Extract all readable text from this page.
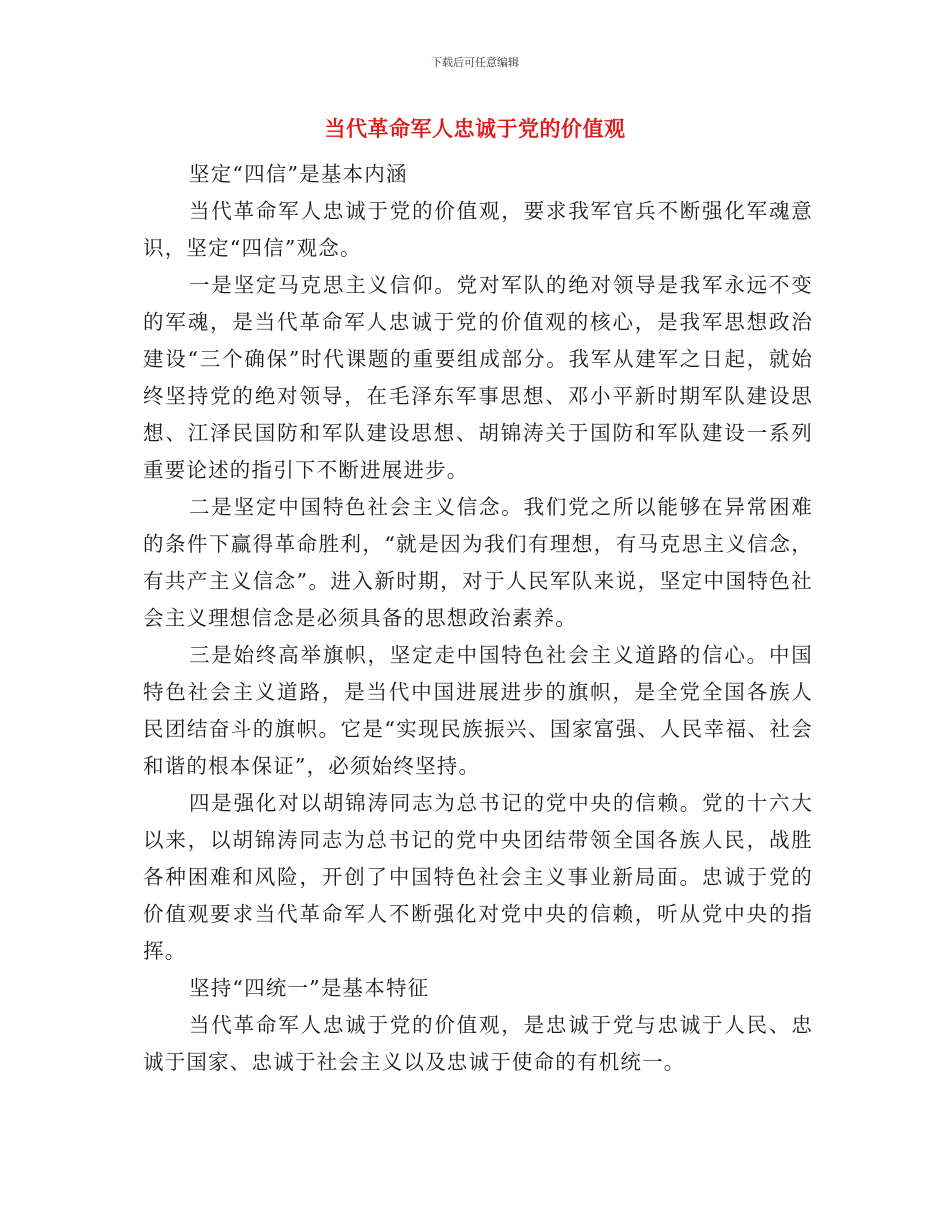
下载后可任意编辑
当代革命军人忠诚于党的价值观

坚定“四信”是基本内涵

当代革命军人忠诚于党的价值观，要求我军官兵不断强化军魂意识，坚定“四信”观念。

一是坚定马克思主义信仰。党对军队的绝对领导是我军永远不变的军魂，是当代革命军人忠诚于党的价值观的核心，是我军思想政治建设“三个确保”时代课题的重要组成部分。我军从建军之日起，就始终坚持党的绝对领导，在毛泽东军事思想、邓小平新时期军队建设思想、江泽民国防和军队建设思想、胡锦涛关于国防和军队建设一系列重要论述的指引下不断进展进步。

二是坚定中国特色社会主义信念。我们党之所以能够在异常困难的条件下赢得革命胜利，“就是因为我们有理想，有马克思主义信念，有共产主义信念”。进入新时期，对于人民军队来说，坚定中国特色社会主义理想信念是必须具备的思想政治素养。

三是始终高举旗帜，坚定走中国特色社会主义道路的信心。中国特色社会主义道路，是当代中国进展进步的旗帜，是全党全国各族人民团结奋斗的旗帜。它是“实现民族振兴、国家富强、人民幸福、社会和谐的根本保证”，必须始终坚持。

四是强化对以胡锦涛同志为总书记的党中央的信赖。党的十六大以来，以胡锦涛同志为总书记的党中央团结带领全国各族人民，战胜各种困难和风险，开创了中国特色社会主义事业新局面。忠诚于党的价值观要求当代革命军人不断强化对党中央的信赖，听从党中央的指挥。

坚持“四统一”是基本特征

当代革命军人忠诚于党的价值观，是忠诚于党与忠诚于人民、忠诚于国家、忠诚于社会主义以及忠诚于使命的有机统一。
